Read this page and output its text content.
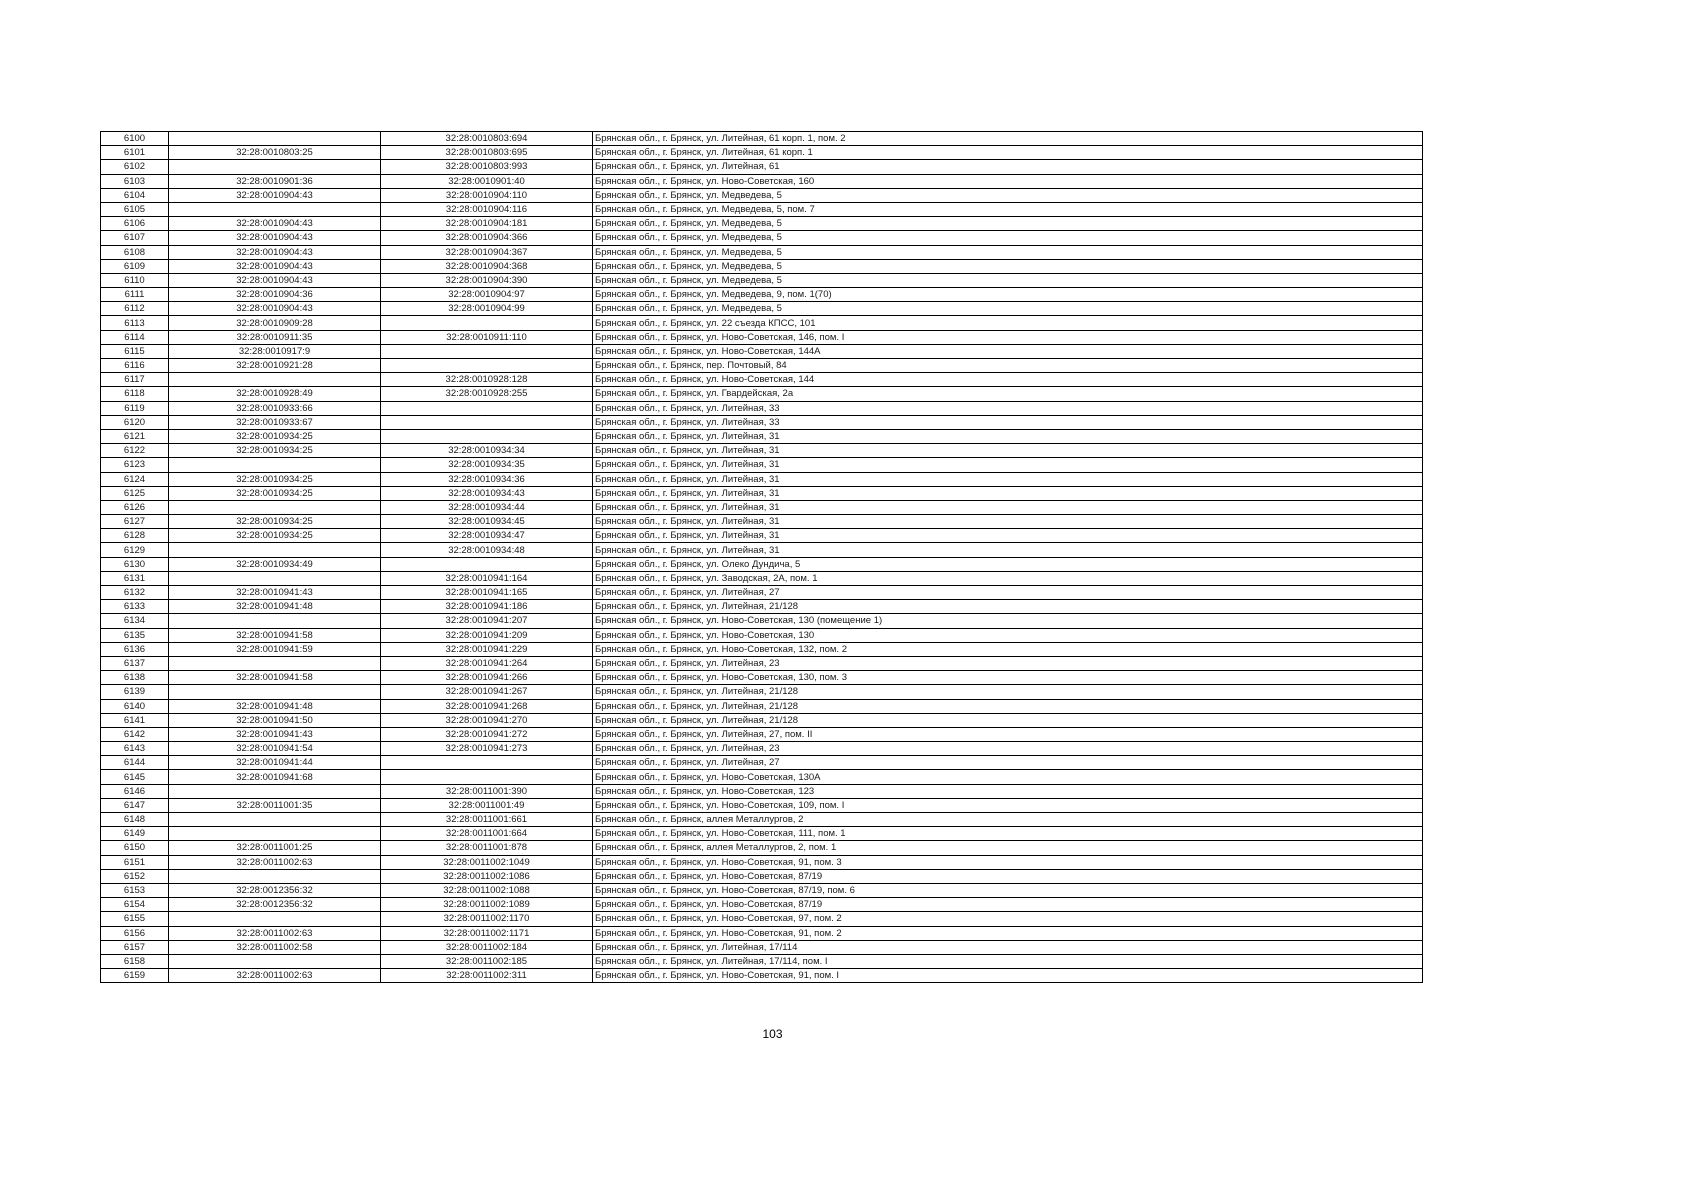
6100		32:28:0010803:694	Брянская обл., г. Брянск, ул. Литейная, 61 корп. 1, пом. 2
6101	32:28:0010803:25	32:28:0010803:695	Брянская обл., г. Брянск, ул. Литейная, 61 корп. 1
6102		32:28:0010803:993	Брянская обл., г. Брянск, ул. Литейная, 61
6103	32:28:0010901:36	32:28:0010901:40	Брянская обл., г. Брянск, ул. Ново-Советская, 160
6104	32:28:0010904:43	32:28:0010904:110	Брянская обл., г. Брянск, ул. Медведева, 5
6105		32:28:0010904:116	Брянская обл., г. Брянск, ул. Медведева, 5, пом. 7
6106	32:28:0010904:43	32:28:0010904:181	Брянская обл., г. Брянск, ул. Медведева, 5
6107	32:28:0010904:43	32:28:0010904:366	Брянская обл., г. Брянск, ул. Медведева, 5
6108	32:28:0010904:43	32:28:0010904:367	Брянская обл., г. Брянск, ул. Медведева, 5
6109	32:28:0010904:43	32:28:0010904:368	Брянская обл., г. Брянск, ул. Медведева, 5
6110	32:28:0010904:43	32:28:0010904:390	Брянская обл., г. Брянск, ул. Медведева, 5
6111	32:28:0010904:36	32:28:0010904:97	Брянская обл., г. Брянск, ул. Медведева, 9, пом. 1(70)
6112	32:28:0010904:43	32:28:0010904:99	Брянская обл., г. Брянск, ул. Медведева, 5
6113	32:28:0010909:28		Брянская обл., г. Брянск, ул. 22 съезда КПСС, 101
6114	32:28:0010911:35	32:28:0010911:110	Брянская обл., г. Брянск, ул. Ново-Советская, 146, пом. I
6115	32:28:0010917:9		Брянская обл., г. Брянск, ул. Ново-Советская, 144А
6116	32:28:0010921:28		Брянская обл., г. Брянск, пер. Почтовый, 84
6117		32:28:0010928:128	Брянская обл., г. Брянск, ул. Ново-Советская, 144
6118	32:28:0010928:49	32:28:0010928:255	Брянская обл., г. Брянск, ул. Гвардейская, 2а
6119	32:28:0010933:66		Брянская обл., г. Брянск, ул. Литейная, 33
6120	32:28:0010933:67		Брянская обл., г. Брянск, ул. Литейная, 33
6121	32:28:0010934:25		Брянская обл., г. Брянск, ул. Литейная, 31
6122	32:28:0010934:25	32:28:0010934:34	Брянская обл., г. Брянск, ул. Литейная, 31
6123		32:28:0010934:35	Брянская обл., г. Брянск, ул. Литейная, 31
6124	32:28:0010934:25	32:28:0010934:36	Брянская обл., г. Брянск, ул. Литейная, 31
6125	32:28:0010934:25	32:28:0010934:43	Брянская обл., г. Брянск, ул. Литейная, 31
6126		32:28:0010934:44	Брянская обл., г. Брянск, ул. Литейная, 31
6127	32:28:0010934:25	32:28:0010934:45	Брянская обл., г. Брянск, ул. Литейная, 31
6128	32:28:0010934:25	32:28:0010934:47	Брянская обл., г. Брянск, ул. Литейная, 31
6129		32:28:0010934:48	Брянская обл., г. Брянск, ул. Литейная, 31
6130	32:28:0010934:49		Брянская обл., г. Брянск, ул. Олеко Дундича, 5
6131		32:28:0010941:164	Брянская обл., г. Брянск, ул. Заводская, 2А, пом. 1
6132	32:28:0010941:43	32:28:0010941:165	Брянская обл., г. Брянск, ул. Литейная, 27
6133	32:28:0010941:48	32:28:0010941:186	Брянская обл., г. Брянск, ул. Литейная, 21/128
6134		32:28:0010941:207	Брянская обл., г. Брянск, ул. Ново-Советская, 130 (помещение 1)
6135	32:28:0010941:58	32:28:0010941:209	Брянская обл., г. Брянск, ул. Ново-Советская, 130
6136	32:28:0010941:59	32:28:0010941:229	Брянская обл., г. Брянск, ул. Ново-Советская, 132, пом. 2
6137		32:28:0010941:264	Брянская обл., г. Брянск, ул. Литейная, 23
6138	32:28:0010941:58	32:28:0010941:266	Брянская обл., г. Брянск, ул. Ново-Советская, 130, пом. 3
6139		32:28:0010941:267	Брянская обл., г. Брянск, ул. Литейная, 21/128
6140	32:28:0010941:48	32:28:0010941:268	Брянская обл., г. Брянск, ул. Литейная, 21/128
6141	32:28:0010941:50	32:28:0010941:270	Брянская обл., г. Брянск, ул. Литейная, 21/128
6142	32:28:0010941:43	32:28:0010941:272	Брянская обл., г. Брянск, ул. Литейная, 27, пом. II
6143	32:28:0010941:54	32:28:0010941:273	Брянская обл., г. Брянск, ул. Литейная, 23
6144	32:28:0010941:44		Брянская обл., г. Брянск, ул. Литейная, 27
6145	32:28:0010941:68		Брянская обл., г. Брянск, ул. Ново-Советская, 130А
6146		32:28:0011001:390	Брянская обл., г. Брянск, ул. Ново-Советская, 123
6147	32:28:0011001:35	32:28:0011001:49	Брянская обл., г. Брянск, ул. Ново-Советская, 109, пом. I
6148		32:28:0011001:661	Брянская обл., г. Брянск, аллея Металлургов, 2
6149		32:28:0011001:664	Брянская обл., г. Брянск, ул. Ново-Советская, 111, пом. 1
6150	32:28:0011001:25	32:28:0011001:878	Брянская обл., г. Брянск, аллея Металлургов, 2, пом. 1
6151	32:28:0011002:63	32:28:0011002:1049	Брянская обл., г. Брянск, ул. Ново-Советская, 91, пом. 3
6152		32:28:0011002:1086	Брянская обл., г. Брянск, ул. Ново-Советская, 87/19
6153	32:28:0012356:32	32:28:0011002:1088	Брянская обл., г. Брянск, ул. Ново-Советская, 87/19, пом. 6
6154	32:28:0012356:32	32:28:0011002:1089	Брянская обл., г. Брянск, ул. Ново-Советская, 87/19
6155		32:28:0011002:1170	Брянская обл., г. Брянск, ул. Ново-Советская, 97, пом. 2
6156	32:28:0011002:63	32:28:0011002:1171	Брянская обл., г. Брянск, ул. Ново-Советская, 91, пом. 2
6157	32:28:0011002:58	32:28:0011002:184	Брянская обл., г. Брянск, ул. Литейная, 17/114
6158		32:28:0011002:185	Брянская обл., г. Брянск, ул. Литейная, 17/114, пом. I
6159	32:28:0011002:63	32:28:0011002:311	Брянская обл., г. Брянск, ул. Ново-Советская, 91, пом. I
103
